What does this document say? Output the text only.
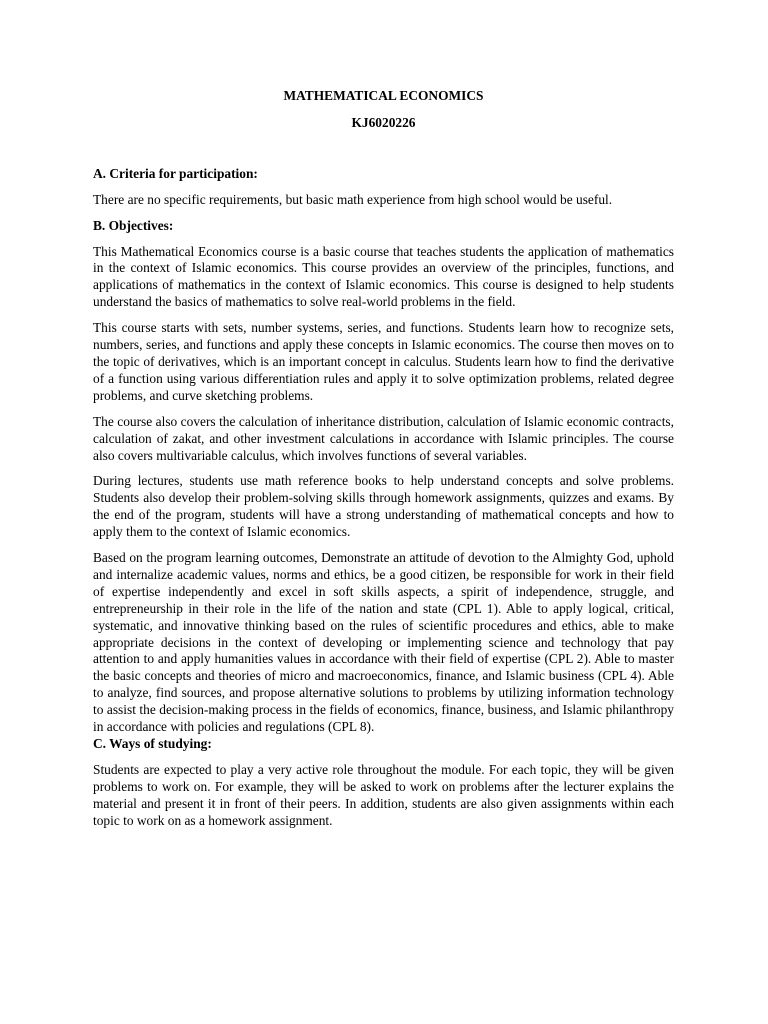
MATHEMATICAL ECONOMICS

KJ6020226

A. Criteria for participation:

There are no specific requirements, but basic math experience from high school would be useful.

B. Objectives:

This Mathematical Economics course is a basic course that teaches students the application of mathematics in the context of Islamic economics. This course provides an overview of the principles, functions, and applications of mathematics in the context of Islamic economics. This course is designed to help students understand the basics of mathematics to solve real-world problems in the field.

This course starts with sets, number systems, series, and functions. Students learn how to recognize sets, numbers, series, and functions and apply these concepts in Islamic economics. The course then moves on to the topic of derivatives, which is an important concept in calculus. Students learn how to find the derivative of a function using various differentiation rules and apply it to solve optimization problems, related degree problems, and curve sketching problems.

The course also covers the calculation of inheritance distribution, calculation of Islamic economic contracts, calculation of zakat, and other investment calculations in accordance with Islamic principles. The course also covers multivariable calculus, which involves functions of several variables.

During lectures, students use math reference books to help understand concepts and solve problems. Students also develop their problem-solving skills through homework assignments, quizzes and exams. By the end of the program, students will have a strong understanding of mathematical concepts and how to apply them to the context of Islamic economics.

Based on the program learning outcomes, Demonstrate an attitude of devotion to the Almighty God, uphold and internalize academic values, norms and ethics, be a good citizen, be responsible for work in their field of expertise independently and excel in soft skills aspects, a spirit of independence, struggle, and entrepreneurship in their role in the life of the nation and state (CPL 1). Able to apply logical, critical, systematic, and innovative thinking based on the rules of scientific procedures and ethics, able to make appropriate decisions in the context of developing or implementing science and technology that pay attention to and apply humanities values in accordance with their field of expertise (CPL 2). Able to master the basic concepts and theories of micro and macroeconomics, finance, and Islamic business (CPL 4). Able to analyze, find sources, and propose alternative solutions to problems by utilizing information technology to assist the decision-making process in the fields of economics, finance, business, and Islamic philanthropy in accordance with policies and regulations (CPL 8).

C. Ways of studying:

Students are expected to play a very active role throughout the module. For each topic, they will be given problems to work on. For example, they will be asked to work on problems after the lecturer explains the material and present it in front of their peers. In addition, students are also given assignments within each topic to work on as a homework assignment.
